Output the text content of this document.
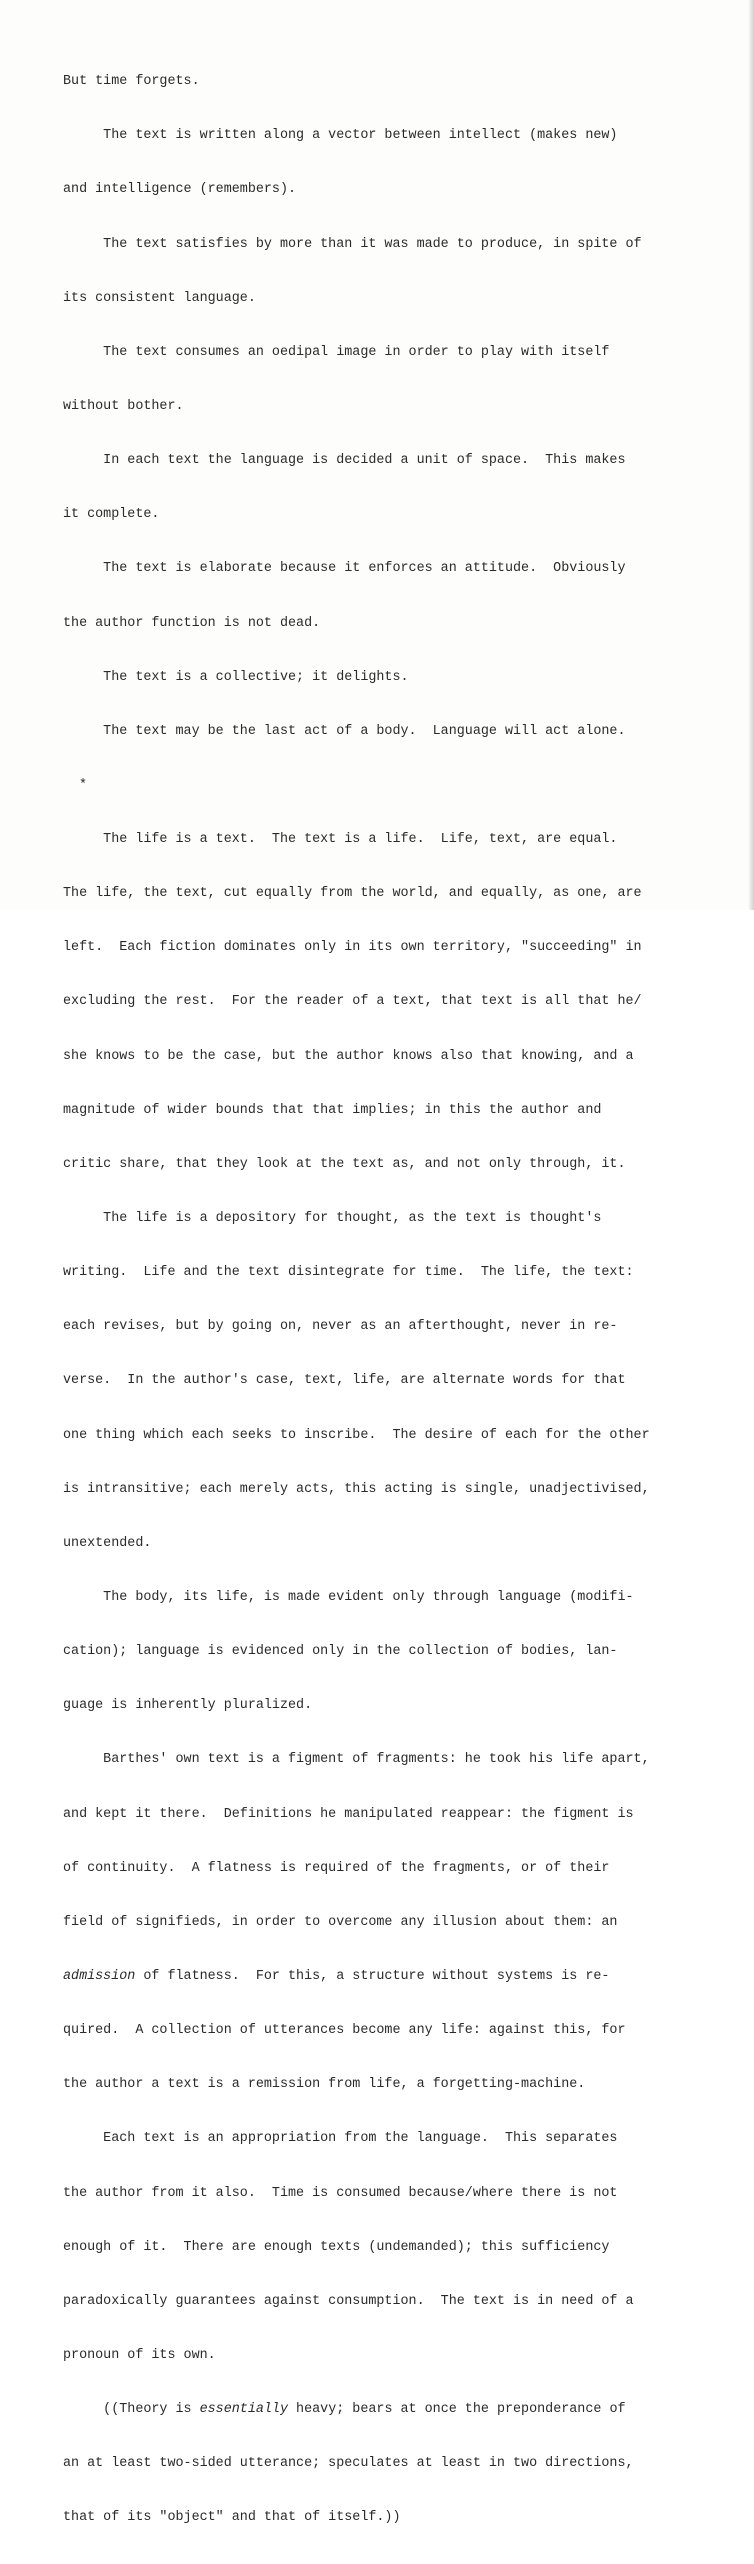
But time forgets.

The text is written along a vector between intellect (makes new)

and intelligence (remembers).

The text satisfies by more than it was made to produce, in spite of

its consistent language.

The text consumes an oedipal image in order to play with itself

without bother.

In each text the language is decided a unit of space.  This makes

it complete.

The text is elaborate because it enforces an attitude.  Obviously

the author function is not dead.

The text is a collective; it delights.

The text may be the last act of a body.  Language will act alone.

*

The life is a text.  The text is a life.  Life, text, are equal.

The life, the text, cut equally from the world, and equally, as one, are

left.  Each fiction dominates only in its own territory, "succeeding" in

excluding the rest.  For the reader of a text, that text is all that he/

she knows to be the case, but the author knows also that knowing, and a

magnitude of wider bounds that that implies; in this the author and

critic share, that they look at the text as, and not only through, it.

The life is a depository for thought, as the text is thought's

writing.  Life and the text disintegrate for time.  The life, the text:

each revises, but by going on, never as an afterthought, never in re-

verse.  In the author's case, text, life, are alternate words for that

one thing which each seeks to inscribe.  The desire of each for the other

is intransitive; each merely acts, this acting is single, unadjectivised,

unextended.

The body, its life, is made evident only through language (modifi-

cation); language is evidenced only in the collection of bodies, lan-

guage is inherently pluralized.

Barthes' own text is a figment of fragments: he took his life apart,

and kept it there.  Definitions he manipulated reappear: the figment is

of continuity.  A flatness is required of the fragments, or of their

field of signifieds, in order to overcome any illusion about them: an

admission of flatness.  For this, a structure without systems is re-

quired.  A collection of utterances become any life: against this, for

the author a text is a remission from life, a forgetting-machine.

Each text is an appropriation from the language.  This separates

the author from it also.  Time is consumed because/where there is not

enough of it.  There are enough texts (undemanded); this sufficiency

paradoxically guarantees against consumption.  The text is in need of a

pronoun of its own.

((Theory is essentially heavy; bears at once the preponderance of

an at least two-sided utterance; speculates at least in two directions,

that of its "object" and that of itself.))
